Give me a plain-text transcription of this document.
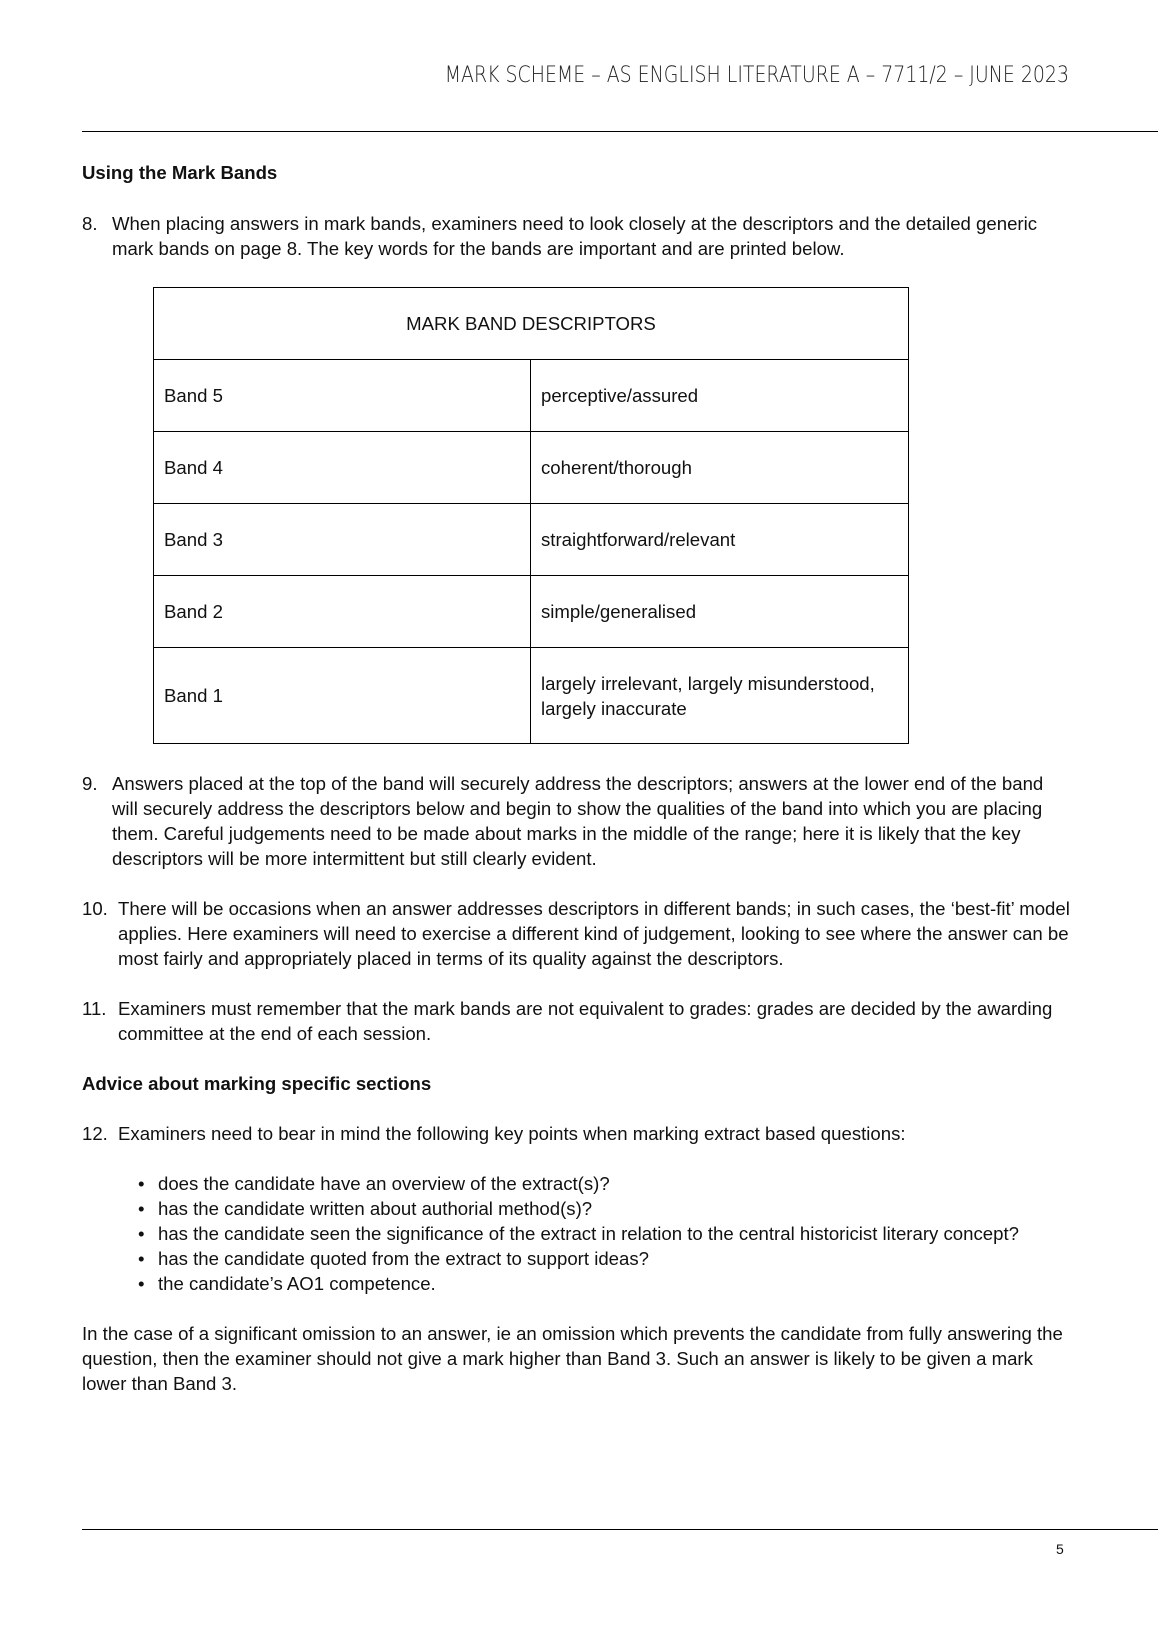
MARK SCHEME – AS ENGLISH LITERATURE A – 7711/2 – JUNE 2023
Using the Mark Bands
8. When placing answers in mark bands, examiners need to look closely at the descriptors and the detailed generic mark bands on page 8. The key words for the bands are important and are printed below.
MARK BAND DESCRIPTORS	
Band 5	perceptive/assured
Band 4	coherent/thorough
Band 3	straightforward/relevant
Band 2	simple/generalised
Band 1	largely irrelevant, largely misunderstood, largely inaccurate
9. Answers placed at the top of the band will securely address the descriptors; answers at the lower end of the band will securely address the descriptors below and begin to show the qualities of the band into which you are placing them. Careful judgements need to be made about marks in the middle of the range; here it is likely that the key descriptors will be more intermittent but still clearly evident.
10. There will be occasions when an answer addresses descriptors in different bands; in such cases, the ‘best-fit’ model applies. Here examiners will need to exercise a different kind of judgement, looking to see where the answer can be most fairly and appropriately placed in terms of its quality against the descriptors.
11. Examiners must remember that the mark bands are not equivalent to grades: grades are decided by the awarding committee at the end of each session.
Advice about marking specific sections
12. Examiners need to bear in mind the following key points when marking extract based questions:
• does the candidate have an overview of the extract(s)?
• has the candidate written about authorial method(s)?
• has the candidate seen the significance of the extract in relation to the central historicist literary concept?
• has the candidate quoted from the extract to support ideas?
• the candidate’s AO1 competence.

In the case of a significant omission to an answer, ie an omission which prevents the candidate from fully answering the question, then the examiner should not give a mark higher than Band 3. Such an answer is likely to be given a mark lower than Band 3.

5
